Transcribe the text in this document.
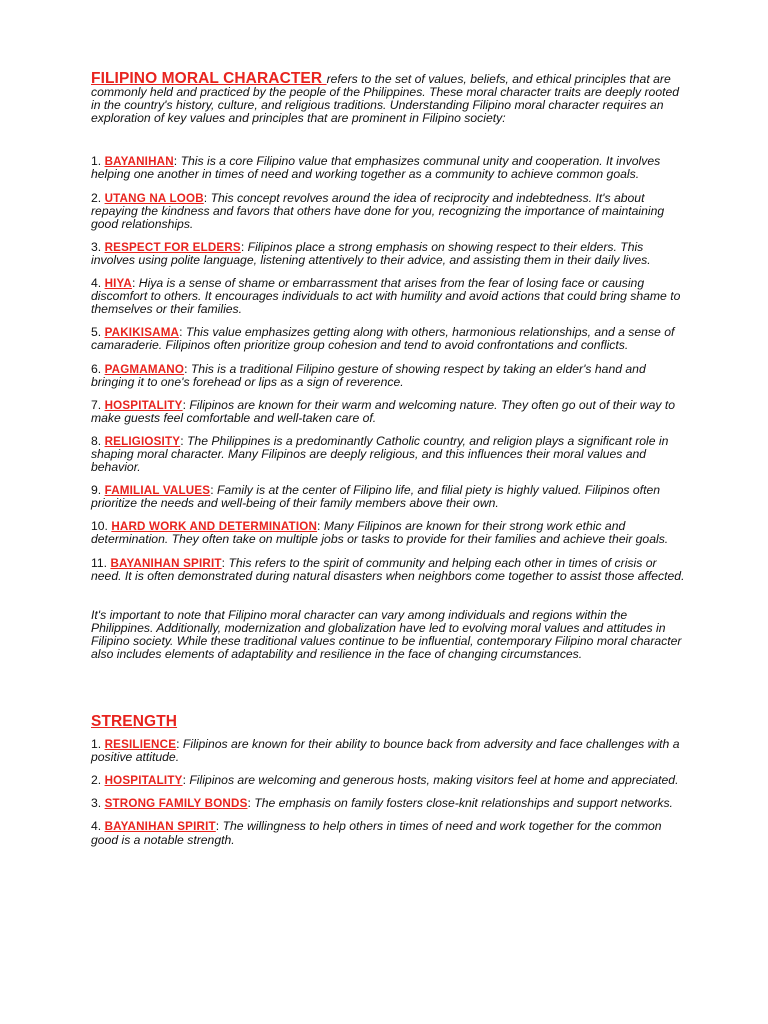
FILIPINO MORAL CHARACTER refers to the set of values, beliefs, and ethical principles that are commonly held and practiced by the people of the Philippines. These moral character traits are deeply rooted in the country's history, culture, and religious traditions. Understanding Filipino moral character requires an exploration of key values and principles that are prominent in Filipino society:

1. BAYANIHAN: This is a core Filipino value that emphasizes communal unity and cooperation. It involves helping one another in times of need and working together as a community to achieve common goals.
2. UTANG NA LOOB: This concept revolves around the idea of reciprocity and indebtedness. It's about repaying the kindness and favors that others have done for you, recognizing the importance of maintaining good relationships.
3. RESPECT FOR ELDERS: Filipinos place a strong emphasis on showing respect to their elders. This involves using polite language, listening attentively to their advice, and assisting them in their daily lives.
4. HIYA: Hiya is a sense of shame or embarrassment that arises from the fear of losing face or causing discomfort to others. It encourages individuals to act with humility and avoid actions that could bring shame to themselves or their families.
5. PAKIKISAMA: This value emphasizes getting along with others, harmonious relationships, and a sense of camaraderie. Filipinos often prioritize group cohesion and tend to avoid confrontations and conflicts.
6. PAGMAMANO: This is a traditional Filipino gesture of showing respect by taking an elder's hand and bringing it to one's forehead or lips as a sign of reverence.
7. HOSPITALITY: Filipinos are known for their warm and welcoming nature. They often go out of their way to make guests feel comfortable and well-taken care of.
8. RELIGIOSITY: The Philippines is a predominantly Catholic country, and religion plays a significant role in shaping moral character. Many Filipinos are deeply religious, and this influences their moral values and behavior.
9. FAMILIAL VALUES: Family is at the center of Filipino life, and filial piety is highly valued. Filipinos often prioritize the needs and well-being of their family members above their own.
10. HARD WORK AND DETERMINATION: Many Filipinos are known for their strong work ethic and determination. They often take on multiple jobs or tasks to provide for their families and achieve their goals.
11. BAYANIHAN SPIRIT: This refers to the spirit of community and helping each other in times of crisis or need. It is often demonstrated during natural disasters when neighbors come together to assist those affected.

It's important to note that Filipino moral character can vary among individuals and regions within the Philippines. Additionally, modernization and globalization have led to evolving moral values and attitudes in Filipino society. While these traditional values continue to be influential, contemporary Filipino moral character also includes elements of adaptability and resilience in the face of changing circumstances.

STRENGTH
1. RESILIENCE: Filipinos are known for their ability to bounce back from adversity and face challenges with a positive attitude.
2. HOSPITALITY: Filipinos are welcoming and generous hosts, making visitors feel at home and appreciated.
3. STRONG FAMILY BONDS: The emphasis on family fosters close-knit relationships and support networks.
4. BAYANIHAN SPIRIT: The willingness to help others in times of need and work together for the common good is a notable strength.
